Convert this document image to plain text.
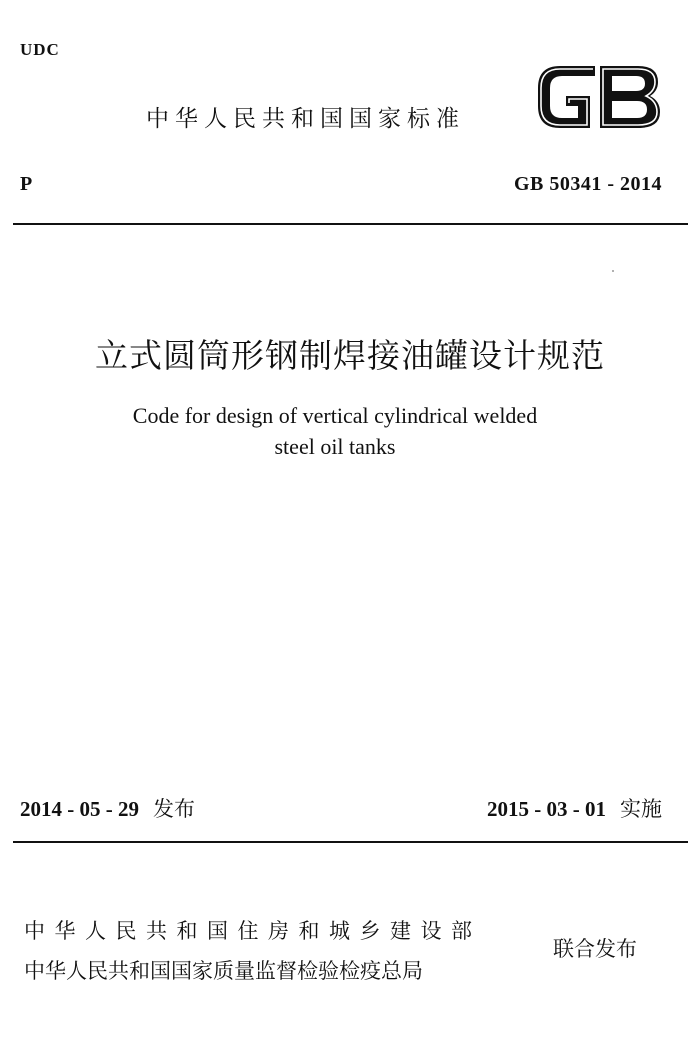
UDC
中华人民共和国国家标准
P	GB 50341 - 2014
立式圆筒形钢制焊接油罐设计规范
Code for design of vertical cylindrical welded
steel oil tanks
2014 - 05 - 29 发布	2015 - 03 - 01 实施
中华人民共和国住房和城乡建设部
中华人民共和国国家质量监督检验检疫总局
联合发布
